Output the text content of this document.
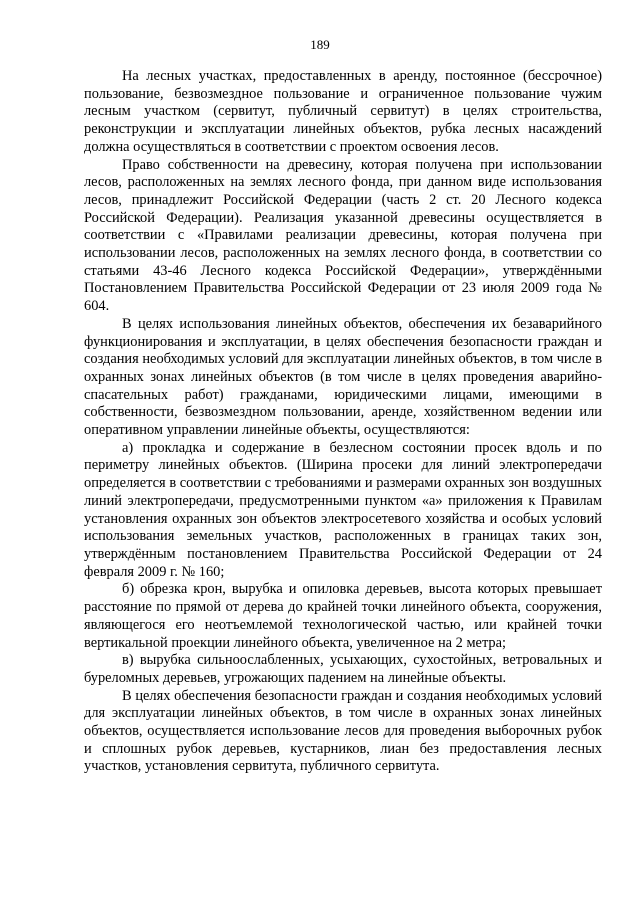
189

На лесных участках, предоставленных в аренду, постоянное (бессрочное) пользование, безвозмездное пользование и ограниченное пользование чужим лесным участком (сервитут, публичный сервитут) в целях строительства, реконструкции и эксплуатации линейных объектов, рубка лесных насаждений должна осуществляться в соответствии с проектом освоения лесов.

Право собственности на древесину, которая получена при использовании лесов, расположенных на землях лесного фонда, при данном виде использования лесов, принадлежит Российской Федерации (часть 2 ст. 20 Лесного кодекса Российской Федерации). Реализация указанной древесины осуществляется в соответствии с «Правилами реализации древесины, которая получена при использовании лесов, расположенных на землях лесного фонда, в соответствии со статьями 43-46 Лесного кодекса Российской Федерации», утверждёнными Постановлением Правительства Российской Федерации от 23 июля 2009 года № 604.

В целях использования линейных объектов, обеспечения их безаварийного функционирования и эксплуатации, в целях обеспечения безопасности граждан и создания необходимых условий для эксплуатации линейных объектов, в том числе в охранных зонах линейных объектов (в том числе в целях проведения аварийно-спасательных работ) гражданами, юридическими лицами, имеющими в собственности, безвозмездном пользовании, аренде, хозяйственном ведении или оперативном управлении линейные объекты, осуществляются:

а) прокладка и содержание в безлесном состоянии просек вдоль и по периметру линейных объектов. (Ширина просеки для линий электропередачи определяется в соответствии с требованиями и размерами охранных зон воздушных линий электропередачи, предусмотренными пунктом «а» приложения к Правилам установления охранных зон объектов электросетевого хозяйства и особых условий использования земельных участков, расположенных в границах таких зон, утверждённым постановлением Правительства Российской Федерации от 24 февраля 2009 г. № 160;

б) обрезка крон, вырубка и опиловка деревьев, высота которых превышает расстояние по прямой от дерева до крайней точки линейного объекта, сооружения, являющегося его неотъемлемой технологической частью, или крайней точки вертикальной проекции линейного объекта, увеличенное на 2 метра;

в) вырубка сильноослабленных, усыхающих, сухостойных, ветровальных и буреломных деревьев, угрожающих падением на линейные объекты.

В целях обеспечения безопасности граждан и создания необходимых условий для эксплуатации линейных объектов, в том числе в охранных зонах линейных объектов, осуществляется использование лесов для проведения выборочных рубок и сплошных рубок деревьев, кустарников, лиан без предоставления лесных участков, установления сервитута, публичного сервитута.
